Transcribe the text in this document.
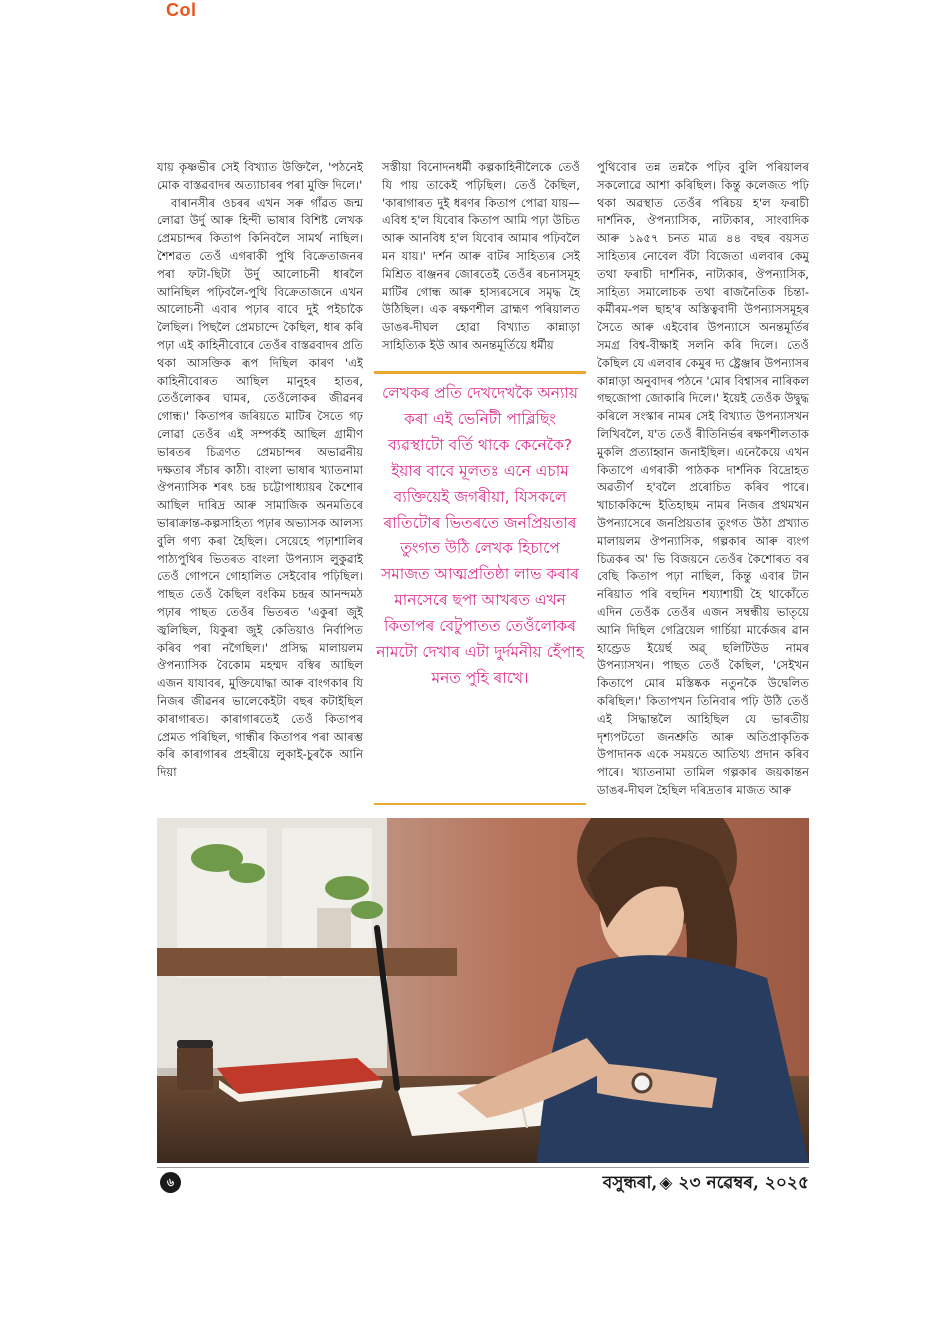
Col

যায় কৃষ্ণভীৰ সেই বিখ্যাত উক্তিলৈ, 'পঠনেই মোক বাস্তৱবাদৰ অত্যাচাৰৰ পৰা মুক্তি দিলে।'

বাৰানসীৰ ওচৰৰ এখন সৰু গাঁৱত জন্ম লোৱা উৰ্দু আৰু হিন্দী ভাষাৰ বিশিষ্ট লেখক প্ৰেমচান্দৰ কিতাপ কিনিবলৈ সামৰ্থ নাছিল। শৈশৱত তেওঁ এগৰাকী পুথি বিক্ৰেতাজনৰ পৰা ফটা-ছিটা উৰ্দু আলোচনী ধাৰলৈ আনিছিল পঢ়িবলৈ-পুথি বিক্ৰেতাজনে এখন আলোচনী এবাৰ পঢ়াৰ বাবে দুই পইচাকৈ লৈছিল। পিছলৈ প্ৰেমচান্দে কৈছিল, ধাৰ কৰি পঢ়া এই কাহিনীবোৰে তেওঁৰ বাস্তৱবাদৰ প্ৰতি থকা আসক্তিক ৰূপ দিছিল কাৰণ 'এই কাহিনীবোৰত আছিল মানুহৰ হাতৰ, তেওঁলোকৰ ঘামৰ, তেওঁলোকৰ জীৱনৰ গোন্ধ।' কিতাপৰ জৰিয়তে মাটিৰ সৈতে গঢ় লোৱা তেওঁৰ এই সম্পৰ্কই আছিল গ্ৰামীণ ভাৰতৰ চিত্ৰণত প্ৰেমচান্দৰ অভাৱনীয় দক্ষতাৰ সঁচাৰ কাঠী। বাংলা ভাষাৰ খ্যাতনামা ঔপন্যাসিক শৰৎ চন্দ্ৰ চট্টোপাধ্যায়ৰ কৈশোৰ আছিল দাৰিদ্ৰ আৰু সামাজিক অনমতিৰে ভাৰাক্ৰান্ত-কল্পসাহিত্য পঢ়াৰ অভ্যাসক আলস্য বুলি গণ্য কৰা হৈছিল। সেয়েহে পঢ়াশালিৰ পাঠ্যপুথিৰ ভিতৰত বাংলা উপন্যাস লুকুৱাই তেওঁ গোপনে গোহালিত সেইবোৰ পঢ়িছিল। পাছত তেওঁ কৈছিল বংকিম চন্দ্ৰৰ আনন্দমঠ পঢ়াৰ পাছত তেওঁৰ ভিতৰত 'একুৰা জুই জ্বলিছিল, যিকুৰা জুই কেতিয়াও নিৰ্বাপিত কৰিব পৰা নগৈছিল।' প্ৰসিদ্ধ মালায়লম ঔপন্যাসিক বৈকোম মহম্মদ বস্বিৰ আছিল এজন যাযাবৰ, মুক্তিযোদ্ধা আৰু বাংগকাৰ যি নিজৰ জীৱনৰ ভালেকেইটা বছৰ কটাইছিল কাৰাগাৰত। কাৰাগাৰতেই তেওঁ কিতাপৰ প্ৰেমত পৰিছিল, গান্ধীৰ কিতাপৰ পৰা আৰম্ভ কৰি কাৰাগাৰৰ প্ৰহৰীয়ে লুকাই-চুৰকৈ আনি দিয়া

সস্তীয়া বিনোদনধৰ্মী কল্পকাহিনীলৈকে তেওঁ যি পায় তাকেই পঢ়িছিল। তেওঁ কৈছিল, 'কাৰাগাৰত দুই ধৰণৰ কিতাপ পোৱা যায়—এবিধ হ'ল যিবোৰ কিতাপ আমি পঢ়া উচিত আৰু আনবিধ হ'ল যিবোৰ আমাৰ পঢ়িবলৈ মন যায়।' দৰ্শন আৰু বাটৰ সাহিত্যৰ সেই মিশ্ৰিত বাঞ্জনৰ জোৰতেই তেওঁৰ ৰচনাসমূহ মাটিৰ গোন্ধ আৰু হাস্যৰসেৰে সমৃদ্ধ হৈ উঠিছিল। এক ৰক্ষণশীল ব্ৰাহ্মণ পৰিয়ালত ডাঙৰ-দীঘল হোৱা বিখ্যাত কান্নাড়া সাহিত্যিক ইউ আৰ অনন্তমূৰ্তিয়ে ধৰ্মীয়

লেখকৰ প্ৰতি দেখদেখকৈ অন্যায় কৰা এই ভেনিটী পাব্লিছিং ব্যৱস্থাটো বৰ্তি থাকে কেনেকৈ? ইয়াৰ বাবে মূলতঃ এনে এচাম ব্যক্তিয়েই জগৰীয়া, যিসকলে ৰাতিটোৰ ভিতৰতে জনপ্ৰিয়তাৰ তুংগত উঠি লেখক হিচাপে সমাজত আত্মপ্ৰতিষ্ঠা লাভ কৰাৰ মানসেৰে ছপা আখৰত এখন কিতাপৰ বেটুপাতত তেওঁলোকৰ নামটো দেখাৰ এটা দুৰ্দমনীয় হেঁপাহ মনত পুহি ৰাখে।

পুথিবোৰ তন্ন তন্নকৈ পঢ়িব বুলি পৰিয়ালৰ সকলোৱে আশা কৰিছিল। কিন্তু কলেজত পঢ়ি থকা অৱস্থাত তেওঁৰ পৰিচয় হ'ল ফৰাচী দাৰ্শনিক, ঔপন্যাসিক, নাট্যকাৰ, সাংবাদিক আৰু ১৯৫৭ চনত মাত্ৰ ৪৪ বছৰ বয়সত সাহিত্যৰ নোবেল বঁটা বিজেতা এলবাৰ কেমু তথা ফৰাচী দাৰ্শনিক, নাট্যকাৰ, ঔপন্যাসিক, সাহিত্য সমালোচক তথা ৰাজনৈতিক চিন্তা-কৰ্মীৰম-পল ছাহ'ৰ অস্তিত্ববাদী উপন্যাসসমূহৰ সৈতে আৰু এইবোৰ উপন্যাসে অনন্তমূৰ্তিৰ সমগ্ৰ বিশ্ব-বীক্ষাই সলনি কৰি দিলে। তেওঁ কৈছিল যে এলবাৰ কেমুৰ দ্য ষ্ট্ৰেঞ্জাৰ উপন্যাসৰ কান্নাড়া অনুবাদৰ পঠনে 'মোৰ বিশ্বাসৰ নাৰিকল গছজোপা জোকাৰি দিলে।' ইয়েই তেওঁক উদ্বুদ্ধ কৰিলে সংস্কাৰ নামৰ সেই বিখ্যাত উপন্যাসখন লিখিবলৈ, য'ত তেওঁ ৰীতিনিৰ্ভৰ ৰক্ষণশীলতাক মুকলি প্ৰত্যাহ্বান জনাইছিল। এনেকৈয়ে এখন কিতাপে এগৰাকী পাঠকক দাৰ্শনিক বিদ্ৰোহত অৱতীৰ্ণ হ'বলৈ প্ৰৰোচিত কৰিব পাৰে। খাচাককিন্দে ইতিহাছম নামৰ নিজৰ প্ৰথমখন উপন্যাসেৰে জনপ্ৰিয়তাৰ তুংগত উঠা প্ৰখ্যাত মালায়লম ঔপন্যাসিক, গল্পকাৰ আৰু ব্যংগ চিত্ৰকৰ অ' ভি বিজয়নে তেওঁৰ কৈশোৰত বৰ বেছি কিতাপ পঢ়া নাছিল, কিন্তু এবাৰ টান নৰিয়াত পৰি বহুদিন শয্যাশায়ী হৈ থাকোঁতে এদিন তেওঁক তেওঁৰ এজন সম্বন্ধীয় ভাতৃয়ে আনি দিছিল গেব্ৰিয়েল গাৰ্চিয়া মাৰ্কেজৰ ৱান হাণ্ড্ৰেড ইয়েৰ্ছ অৱ্ ছলিটিউড নামৰ উপন্যাসখন। পাছত তেওঁ কৈছিল, 'সেইখন কিতাপে মোৰ মস্তিষ্কক নতুনকৈ উদ্বেলিত কৰিছিল।' কিতাপখন তিনিবাৰ পঢ়ি উঠি তেওঁ এই সিদ্ধান্তলৈ আহিছিল যে ভাৰতীয় দৃশ্যপটতো জনশ্ৰুতি আৰু অতিপ্ৰাকৃতিক উপাদানক একে সময়তে আতিথ্য প্ৰদান কৰিব পাৰে। খ্যাতনামা তামিল গল্পকাৰ জয়কান্তন ডাঙৰ-দীঘল হৈছিল দৰিদ্ৰতাৰ মাজত আৰু

৬	বসুন্ধৰা, ◈ ২৩ নৱেম্বৰ, ২০২৫
